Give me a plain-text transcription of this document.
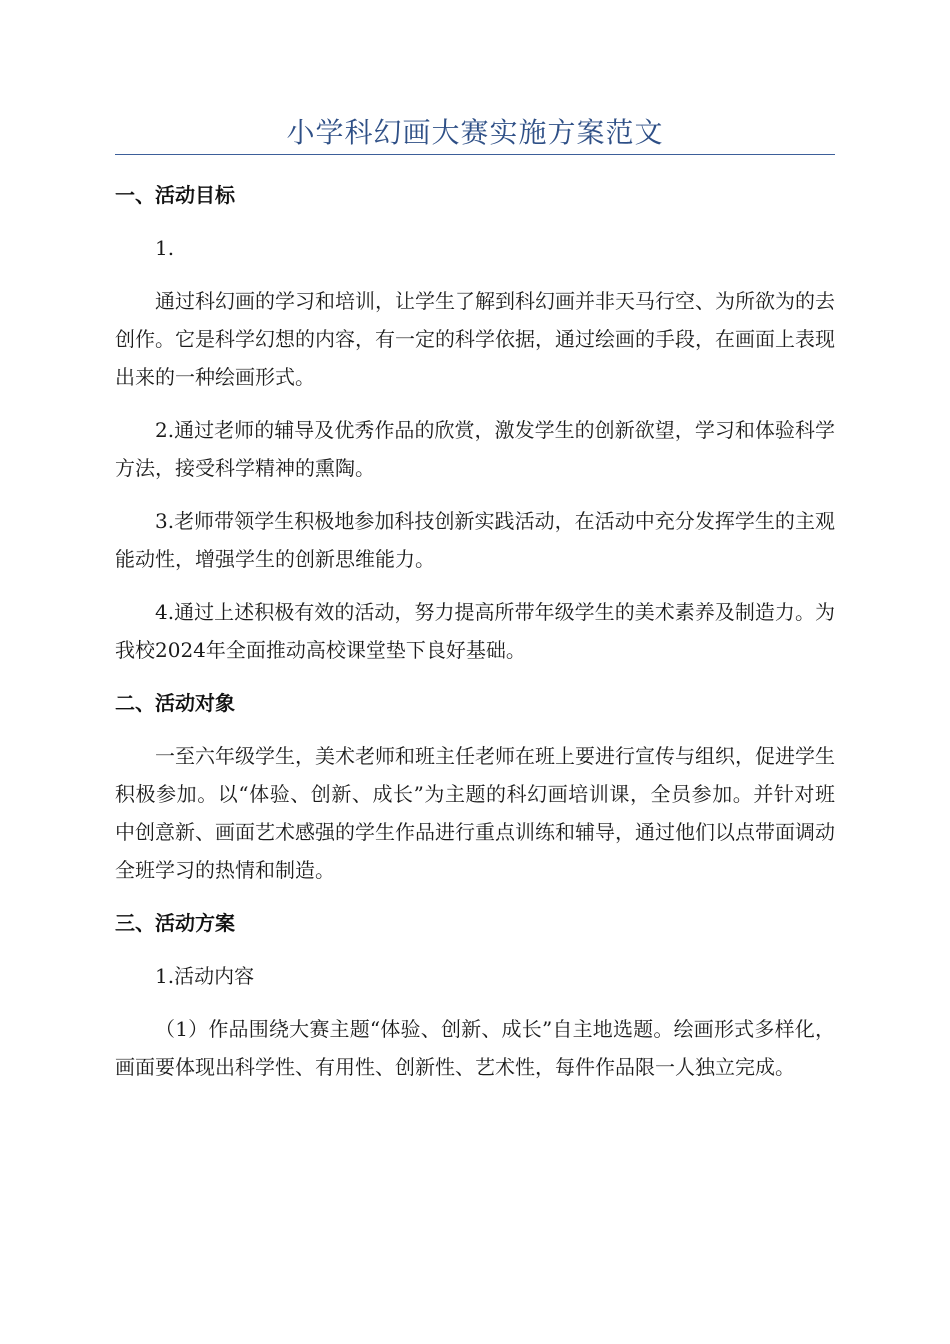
小学科幻画大赛实施方案范文
一、活动目标

1.

通过科幻画的学习和培训，让学生了解到科幻画并非天马行空、为所欲为的去创作。它是科学幻想的内容，有一定的科学依据，通过绘画的手段，在画面上表现出来的一种绘画形式。

2.通过老师的辅导及优秀作品的欣赏，激发学生的创新欲望，学习和体验科学方法，接受科学精神的熏陶。

3.老师带领学生积极地参加科技创新实践活动，在活动中充分发挥学生的主观能动性，增强学生的创新思维能力。

4.通过上述积极有效的活动，努力提高所带年级学生的美术素养及制造力。为我校2024年全面推动高校课堂垫下良好基础。

二、活动对象

一至六年级学生，美术老师和班主任老师在班上要进行宣传与组织，促进学生积极参加。以“体验、创新、成长”为主题的科幻画培训课，全员参加。并针对班中创意新、画面艺术感强的学生作品进行重点训练和辅导，通过他们以点带面调动全班学习的热情和制造。

三、活动方案

1.活动内容

（1）作品围绕大赛主题“体验、创新、成长”自主地选题。绘画形式多样化，画面要体现出科学性、有用性、创新性、艺术性，每件作品限一人独立完成。
